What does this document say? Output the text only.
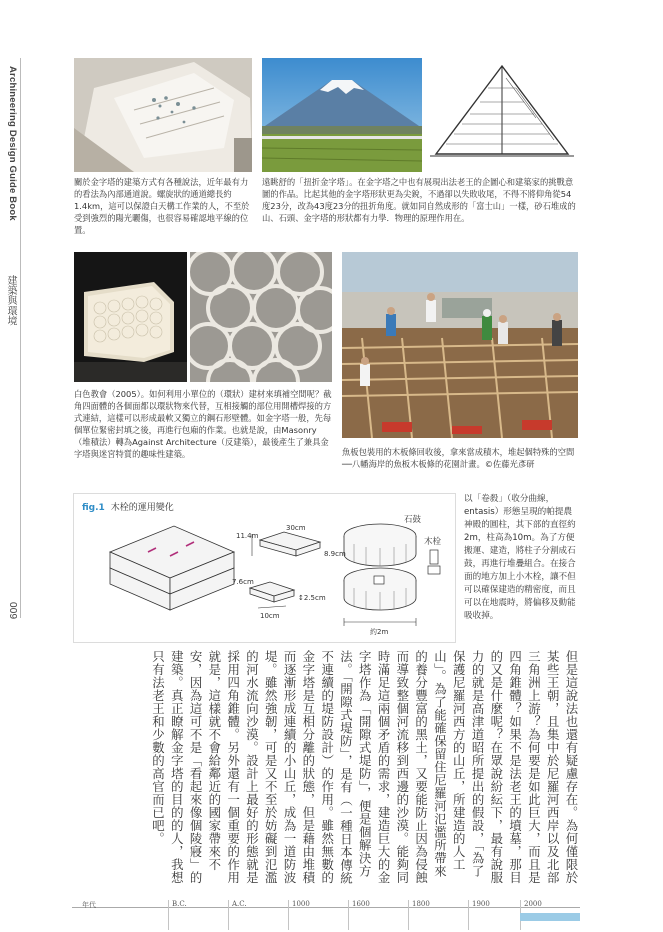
Archineering Design Guide Book
建築與環境
009
關於金字塔的建築方式有各種說法，近年最有力的看法為內部通道說。螺旋狀的通道總長約1.4km，這可以保證白天構工作業的人，不至於受到強烈的陽光曬傷，也很容易確認地平線的位置。
遠眺舒的「扭折金字塔」。在金字塔之中也有展現出法老王的企圖心和建築家的挑戰意圖的作品。比起其他的金字塔形狀更為尖銳，不過卻以失敗收尾，不得不將仰角從54度23分，改為43度23分的扭折角度。就如同自然成形的「富士山」一樣，砂石堆成的山、石頭、金字塔的形狀都有力學．物理的原理作用在。
白色教會（2005）。如何利用小單位的（環狀）建材來填補空間呢？截角四面體的各個面都以環狀物來代替，互相接觸的部位用開槽焊接的方式連結，這樣可以形成最軟又獨立的鋼石形壁體。如金字塔一般，先每個單位緊密封填之後，再進行包廂的作業。也就是說，由Masonry（堆積法）轉為Against Architecture（反建築），最後產生了兼具金字塔與迷宮特質的趣味性建築。	魚板包裝用的木板條回收後，拿來當成積木，堆起個特殊的空間──八幡海岸的魚板木板條的花園計畫。©佐藤光彥研
fig.1 木栓的運用變化
11.4m
30cm
8.9cm
7.6cm
10cm
↕2.5cm
約2m
石鼓
木栓
以「卷殺」（收分曲線，entasis）形態呈現的帕提農神殿的圓柱，其下部的直徑約2m，柱高為10m。為了方便搬運、建造，將柱子分割成石鼓，再進行堆疊組合。在接合面的地方加上小木栓，讓不但可以確保建造的精密度，而且可以在地震時，將偏移及動能吸收掉。
但是這說法也還有疑慮存在。為何僅限於某些王朝，且集中於尼羅河西岸以及北部三角洲上游？為何要是如此巨大，而且是四角錐體？如果不是法老王的墳墓，那目的又是什麼呢？在眾說紛紜下，最有說服力的就是高津道昭所提出的假設，「為了保護尼羅河西方的山丘，所建造的人工山」。為了能確保留住尼羅河氾濫所帶來的養分豐富的黑土，又要能防止因為侵蝕而導致整個河流移到西邊的沙漠。能夠同時滿足這兩個矛盾的需求，建造巨大的金字塔作為「開隙式堤防」，便是個解決方法。「開隙式堤防」，是有（一種日本傳統不連續的堤防設計）的作用。雖然無數的金字塔是互相分離的狀態，但是藉由堆積而逐漸形成連續的小山丘，成為一道防波堤。雖然強韌，可是又不至於妨礙到氾濫的河水流向沙漠。設計上最好的形態就是採用四角錐體。另外還有一個重要的作用就是，這樣就不會給鄰近的國家帶來不安，因為這可不是「看起來像個陵寢」的建築。真正瞭解金字塔的目的的人，我想只有法老王和少數的高官而已吧。
年代	B.C.	A.C.	1000	1600	1800	1900	2000
